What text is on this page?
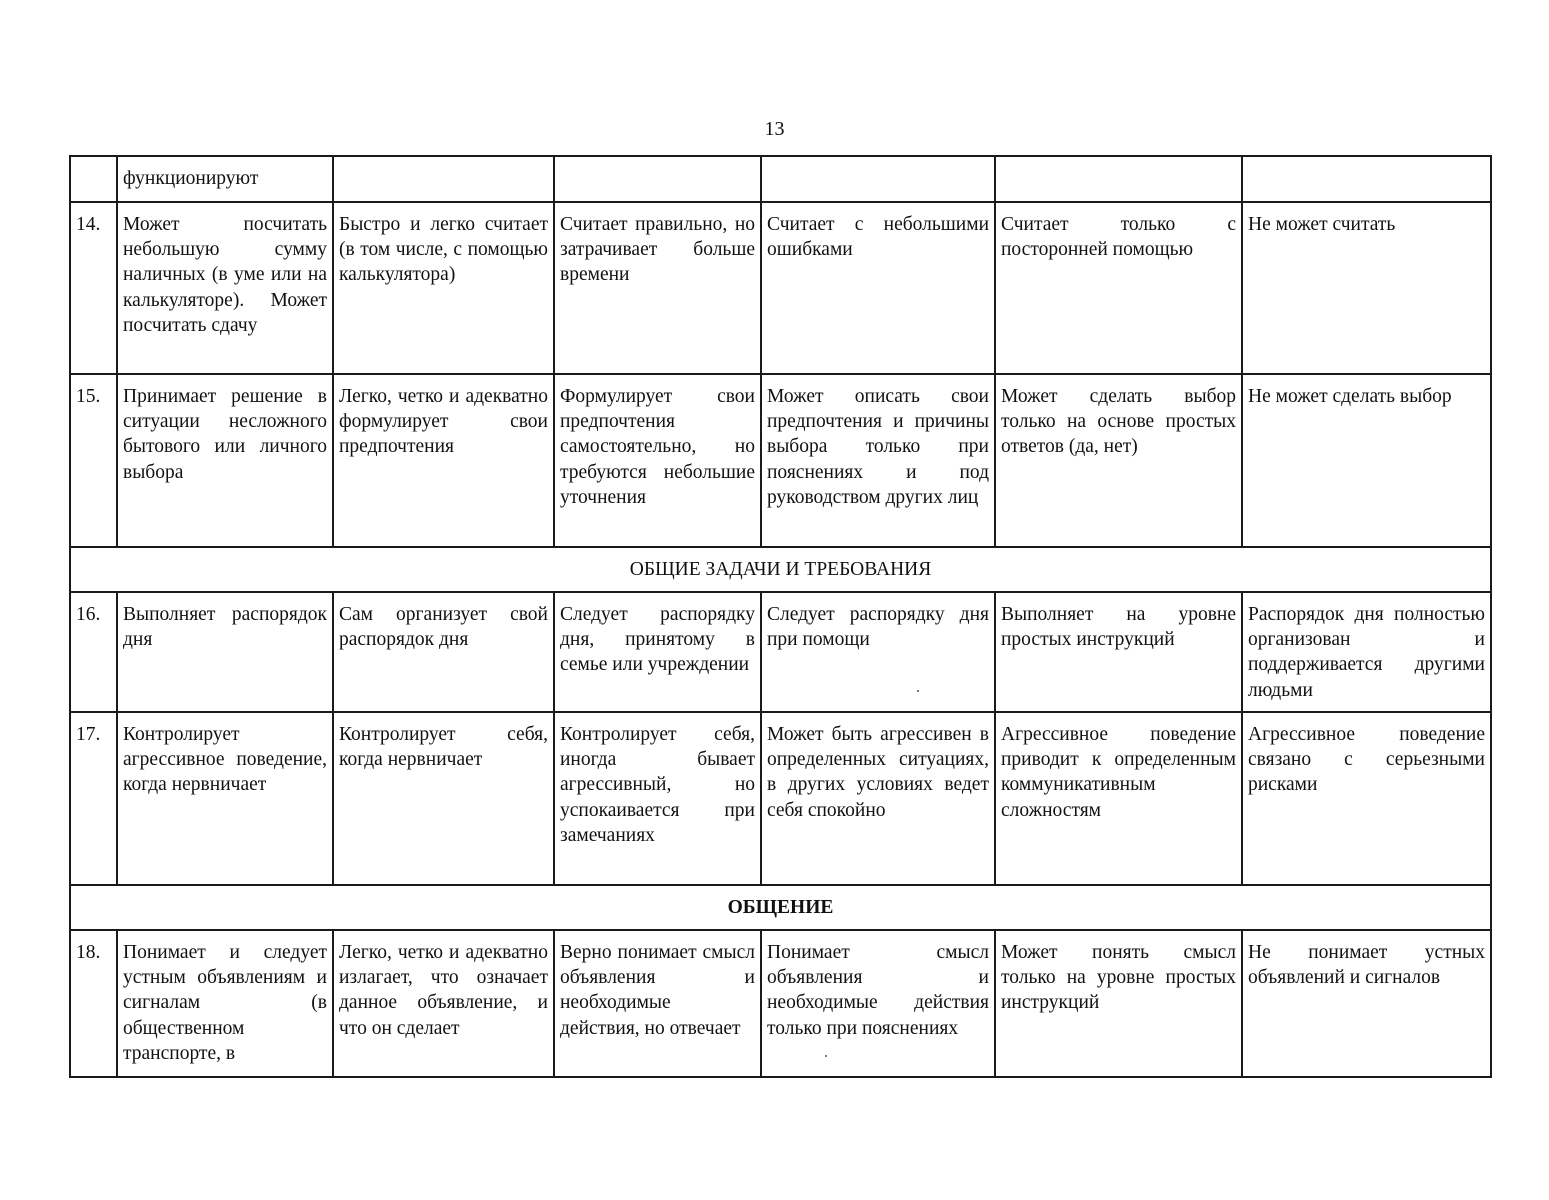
13
	функционируют					
14.	Может посчитать небольшую сумму наличных (в уме или на калькуляторе). Может посчитать сдачу	Быстро и легко считает (в том числе, с помощью калькулятора)	Считает правильно, но затрачивает больше времени	Считает с небольшими ошибками	Считает только с посторонней помощью	Не может считать
15.	Принимает решение в ситуации несложного бытового или личного выбора	Легко, четко и адекватно формулирует свои предпочтения	Формулирует свои предпочтения самостоятельно, но требуются небольшие уточнения	Может описать свои предпочтения и причины выбора только при пояснениях и под руководством других лиц	Может сделать выбор только на основе простых ответов (да, нет)	Не может сделать выбор
ОБЩИЕ ЗАДАЧИ И ТРЕБОВАНИЯ						
16.	Выполняет распорядок дня	Сам организует свой распорядок дня	Следует распорядку дня, принятому в семье или учреждении	Следует распорядку дня при помощи	Выполняет на уровне простых инструкций	Распорядок дня полностью организован и поддерживается другими людьми
17.	Контролирует агрессивное поведение, когда нервничает	Контролирует себя, когда нервничает	Контролирует себя, иногда бывает агрессивный, но успокаивается при замечаниях	Может быть агрессивен в определенных ситуациях, в других условиях ведет себя спокойно	Агрессивное поведение приводит к определенным коммуникативным сложностям	Агрессивное поведение связано с серьезными рисками
ОБЩЕНИЕ						
18.	Понимает и следует устным объявлениям и сигналам (в общественном транспорте, в	Легко, четко и адекватно излагает, что означает данное объявление, и что он сделает	Верно понимает смысл объявления и необходимые действия, но отвечает	Понимает смысл объявления и необходимые действия только при пояснениях	Может понять смысл только на уровне простых инструкций	Не понимает устных объявлений и сигналов
